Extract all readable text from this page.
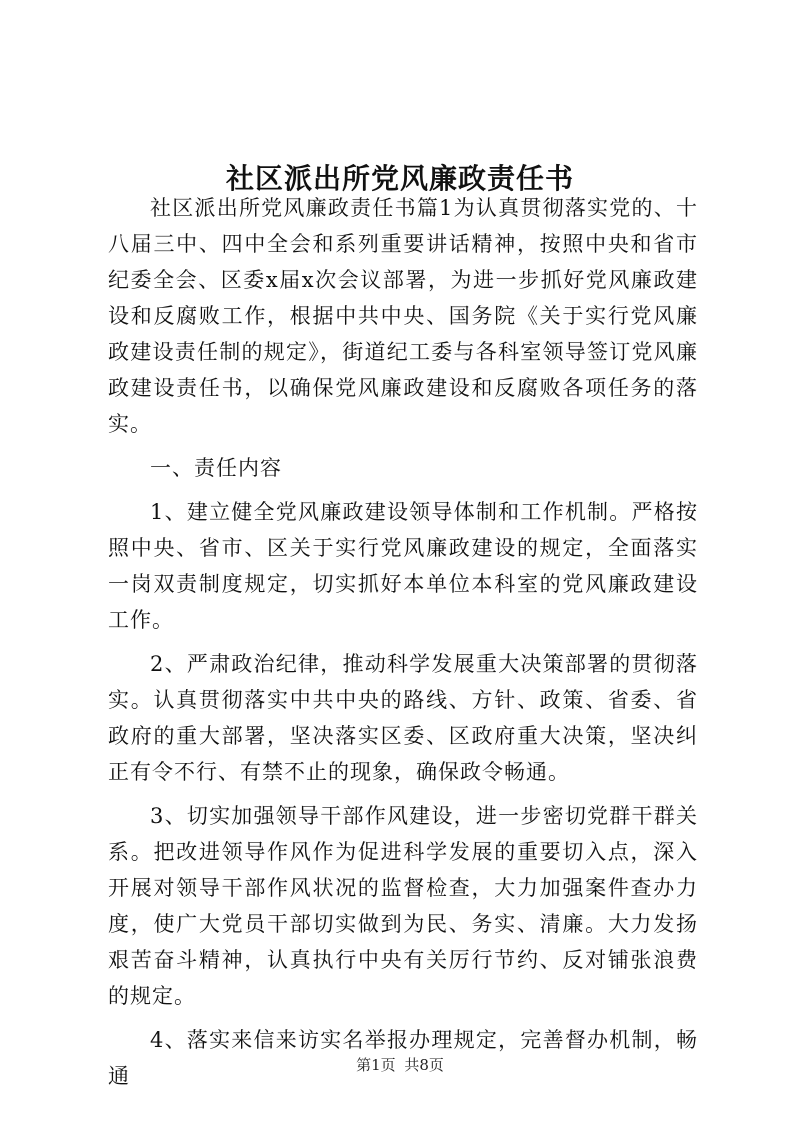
社区派出所党风廉政责任书

社区派出所党风廉政责任书篇1为认真贯彻落实党的、十八届三中、四中全会和系列重要讲话精神，按照中央和省市纪委全会、区委x届x次会议部署，为进一步抓好党风廉政建设和反腐败工作，根据中共中央、国务院《关于实行党风廉政建设责任制的规定》，街道纪工委与各科室领导签订党风廉政建设责任书，以确保党风廉政建设和反腐败各项任务的落实。

一、责任内容

1、建立健全党风廉政建设领导体制和工作机制。严格按照中央、省市、区关于实行党风廉政建设的规定，全面落实一岗双责制度规定，切实抓好本单位本科室的党风廉政建设工作。

2、严肃政治纪律，推动科学发展重大决策部署的贯彻落实。认真贯彻落实中共中央的路线、方针、政策、省委、省政府的重大部署，坚决落实区委、区政府重大决策，坚决纠正有令不行、有禁不止的现象，确保政令畅通。

3、切实加强领导干部作风建设，进一步密切党群干群关系。把改进领导作风作为促进科学发展的重要切入点，深入开展对领导干部作风状况的监督检查，大力加强案件查办力度，使广大党员干部切实做到为民、务实、清廉。大力发扬艰苦奋斗精神，认真执行中央有关厉行节约、反对铺张浪费的规定。

4、落实来信来访实名举报办理规定，完善督办机制，畅通	第1页 共8页
